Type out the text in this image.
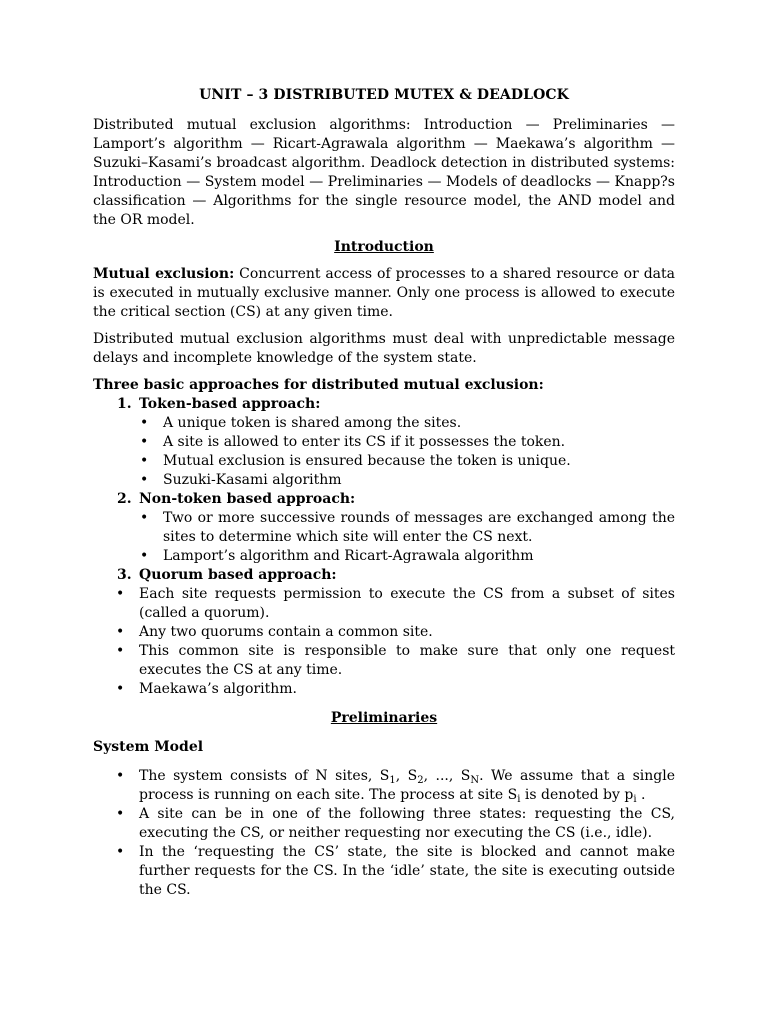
UNIT – 3 DISTRIBUTED MUTEX & DEADLOCK

Distributed mutual exclusion algorithms: Introduction — Preliminaries — Lamport’s algorithm — Ricart-Agrawala algorithm — Maekawa’s algorithm — Suzuki–Kasami’s broadcast algorithm. Deadlock detection in distributed systems: Introduction — System model — Preliminaries — Models of deadlocks — Knapp?s classification — Algorithms for the single resource model, the AND model and the OR model.

Introduction

Mutual exclusion: Concurrent access of processes to a shared resource or data is executed in mutually exclusive manner. Only one process is allowed to execute the critical section (CS) at any given time.

Distributed mutual exclusion algorithms must deal with unpredictable message delays and incomplete knowledge of the system state.

Three basic approaches for distributed mutual exclusion:
1. Token-based approach:
• A unique token is shared among the sites.
• A site is allowed to enter its CS if it possesses the token.
• Mutual exclusion is ensured because the token is unique.
• Suzuki-Kasami algorithm
2. Non-token based approach:
• Two or more successive rounds of messages are exchanged among the sites to determine which site will enter the CS next.
• Lamport’s algorithm and Ricart-Agrawala algorithm
3. Quorum based approach:
• Each site requests permission to execute the CS from a subset of sites (called a quorum).
• Any two quorums contain a common site.
• This common site is responsible to make sure that only one request executes the CS at any time.
• Maekawa’s algorithm.
Preliminaries
System Model
• The system consists of N sites, $S_1$, $S_2$, ..., $S_N$. We assume that a single process is running on each site. The process at site $S_i$ is denoted by $p_i$ .
• A site can be in one of the following three states: requesting the CS, executing the CS, or neither requesting nor executing the CS (i.e., idle).
• In the ‘requesting the CS’ state, the site is blocked and cannot make further requests for the CS. In the ‘idle’ state, the site is executing outside the CS.
